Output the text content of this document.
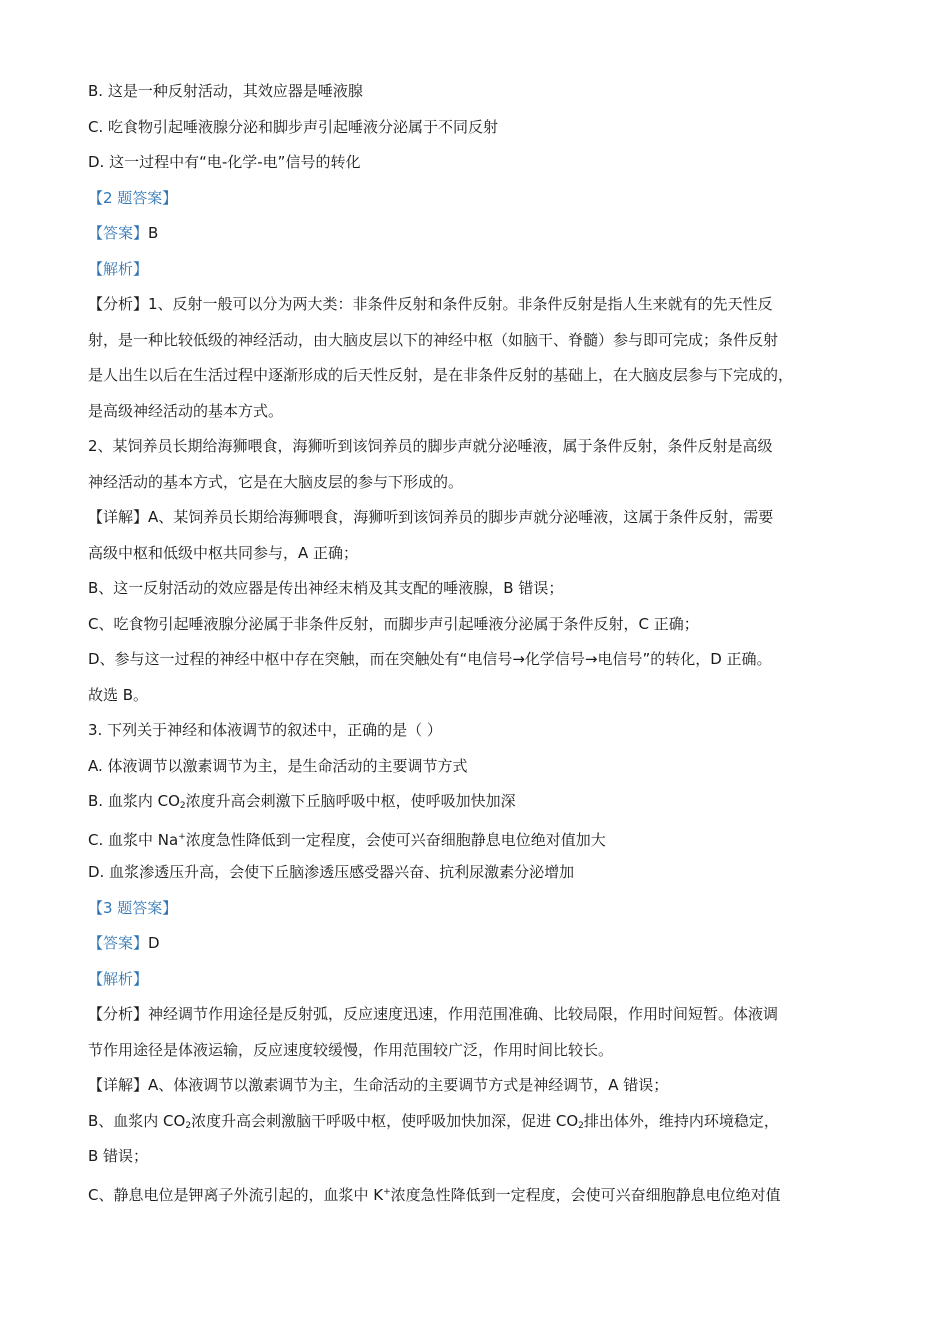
B. 这是一种反射活动，其效应器是唾液腺
C. 吃食物引起唾液腺分泌和脚步声引起唾液分泌属于不同反射
D. 这一过程中有“电-化学-电”信号的转化
【2 题答案】
【答案】B
【解析】
【分析】1、反射一般可以分为两大类：非条件反射和条件反射。非条件反射是指人生来就有的先天性反
射，是一种比较低级的神经活动，由大脑皮层以下的神经中枢（如脑干、脊髓）参与即可完成；条件反射
是人出生以后在生活过程中逐渐形成的后天性反射，是在非条件反射的基础上，在大脑皮层参与下完成的，
是高级神经活动的基本方式。
2、某饲养员长期给海狮喂食，海狮听到该饲养员的脚步声就分泌唾液，属于条件反射，条件反射是高级
神经活动的基本方式，它是在大脑皮层的参与下形成的。
【详解】A、某饲养员长期给海狮喂食，海狮听到该饲养员的脚步声就分泌唾液，这属于条件反射，需要
高级中枢和低级中枢共同参与，A 正确；
B、这一反射活动的效应器是传出神经末梢及其支配的唾液腺，B 错误；
C、吃食物引起唾液腺分泌属于非条件反射，而脚步声引起唾液分泌属于条件反射，C 正确；
D、参与这一过程的神经中枢中存在突触，而在突触处有“电信号→化学信号→电信号”的转化，D 正确。
故选 B。
3. 下列关于神经和体液调节的叙述中，正确的是（ ）
A. 体液调节以激素调节为主，是生命活动的主要调节方式
B. 血浆内 $CO_2$浓度升高会刺激下丘脑呼吸中枢，使呼吸加快加深
C. 血浆中 Na+浓度急性降低到一定程度，会使可兴奋细胞静息电位绝对值加大
D. 血浆渗透压升高，会使下丘脑渗透压感受器兴奋、抗利尿激素分泌增加
【3 题答案】
【答案】D
【解析】
【分析】神经调节作用途径是反射弧，反应速度迅速，作用范围准确、比较局限，作用时间短暂。体液调
节作用途径是体液运输，反应速度较缓慢，作用范围较广泛，作用时间比较长。
【详解】A、体液调节以激素调节为主，生命活动的主要调节方式是神经调节，A 错误；
B、血浆内 $CO_2$浓度升高会刺激脑干呼吸中枢，使呼吸加快加深，促进 $CO_2$排出体外，维持内环境稳定，
B 错误；
C、静息电位是钾离子外流引起的，血浆中 K+浓度急性降低到一定程度，会使可兴奋细胞静息电位绝对值
